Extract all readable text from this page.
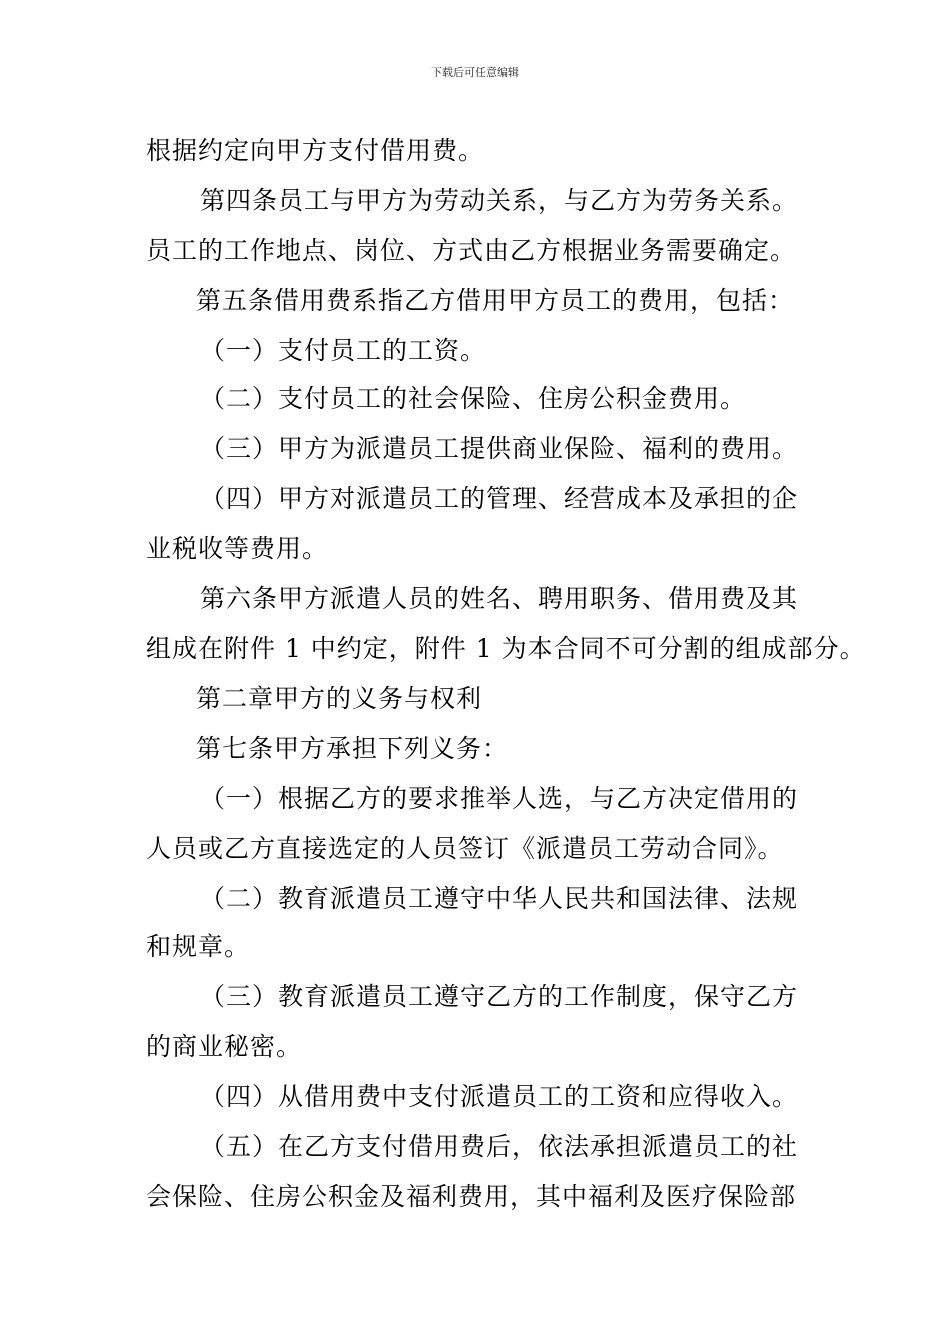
下载后可任意编辑
根据约定向甲方支付借用费。
第四条员工与甲方为劳动关系，与乙方为劳务关系。
员工的工作地点、岗位、方式由乙方根据业务需要确定。
第五条借用费系指乙方借用甲方员工的费用，包括：
（一）支付员工的工资。
（二）支付员工的社会保险、住房公积金费用。
（三）甲方为派遣员工提供商业保险、福利的费用。
（四）甲方对派遣员工的管理、经营成本及承担的企
业税收等费用。
第六条甲方派遣人员的姓名、聘用职务、借用费及其
组成在附件 1 中约定，附件 1 为本合同不可分割的组成部分。
第二章甲方的义务与权利
第七条甲方承担下列义务：
（一）根据乙方的要求推举人选，与乙方决定借用的
人员或乙方直接选定的人员签订《派遣员工劳动合同》。
（二）教育派遣员工遵守中华人民共和国法律、法规
和规章。
（三）教育派遣员工遵守乙方的工作制度，保守乙方
的商业秘密。
（四）从借用费中支付派遣员工的工资和应得收入。
（五）在乙方支付借用费后，依法承担派遣员工的社
会保险、住房公积金及福利费用，其中福利及医疗保险部
